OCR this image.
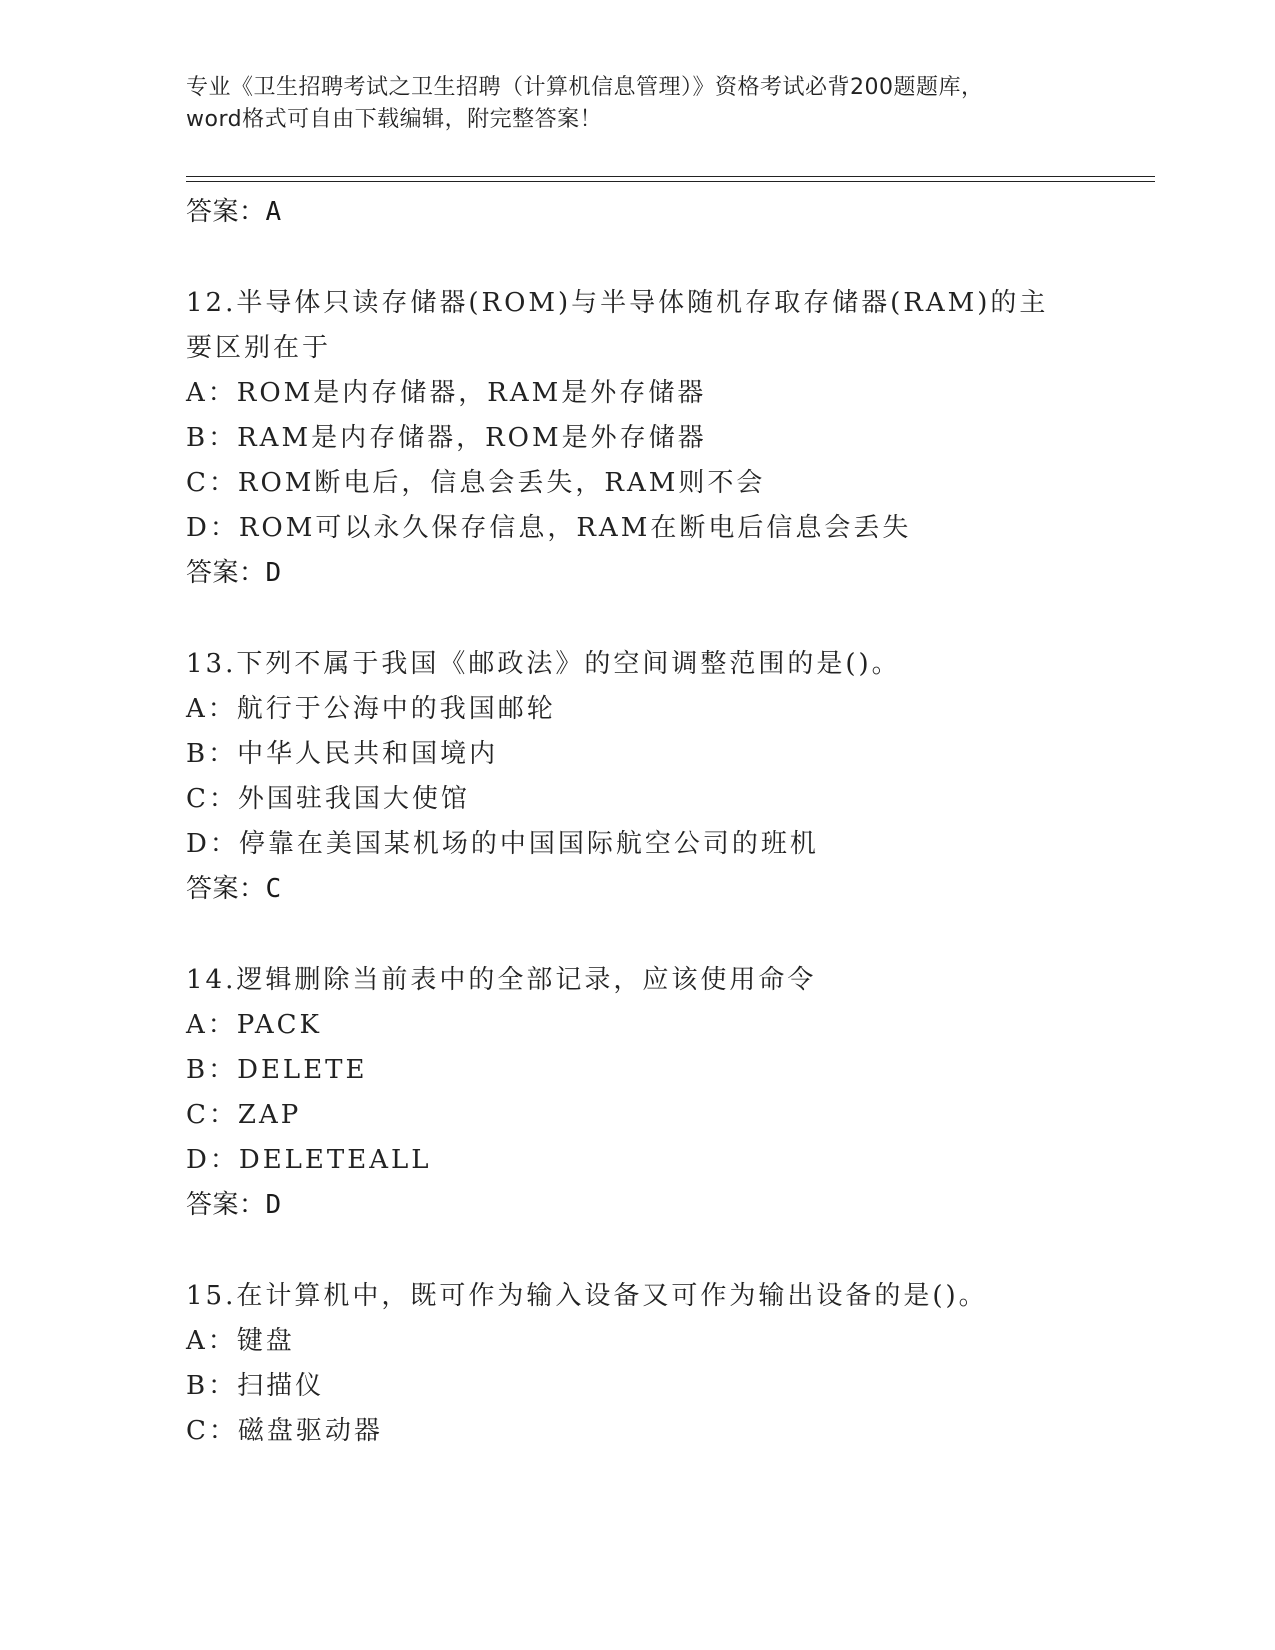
专业《卫生招聘考试之卫生招聘（计算机信息管理）》资格考试必背200题题库，
word格式可自由下载编辑，附完整答案！
答案：A
12.半导体只读存储器(ROM)与半导体随机存取存储器(RAM)的主要区别在于
A：ROM是内存储器，RAM是外存储器
B：RAM是内存储器，ROM是外存储器
C：ROM断电后，信息会丢失，RAM则不会
D：ROM可以永久保存信息，RAM在断电后信息会丢失
答案：D
13.下列不属于我国《邮政法》的空间调整范围的是()。
A：航行于公海中的我国邮轮
B：中华人民共和国境内
C：外国驻我国大使馆
D：停靠在美国某机场的中国国际航空公司的班机
答案：C
14.逻辑删除当前表中的全部记录，应该使用命令
A：PACK
B：DELETE
C：ZAP
D：DELETEALL
答案：D
15.在计算机中，既可作为输入设备又可作为输出设备的是()。
A：键盘
B：扫描仪
C：磁盘驱动器
